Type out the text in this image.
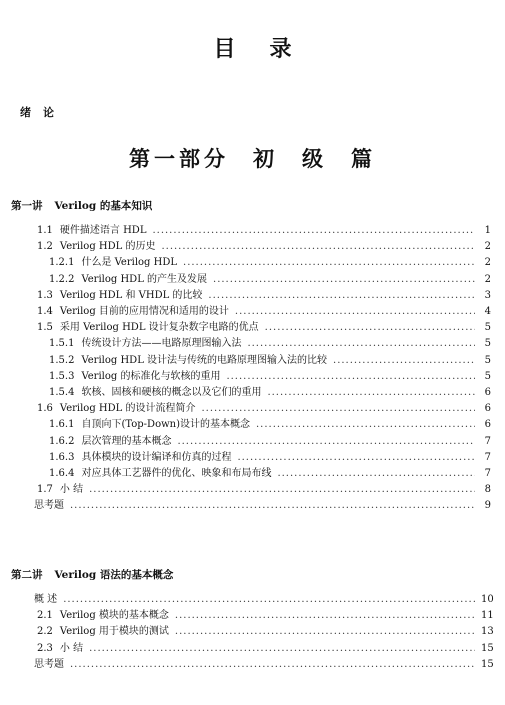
目录
绪论
第一部分 初 级 篇
第一讲 Verilog 的基本知识
1.1 硬件描述语言 HDL .....	1
1.2 Verilog HDL 的历史 .....	2
1.2.1 什么是 Verilog HDL .....	2
1.2.2 Verilog HDL 的产生及发展 .....	2
1.3 Verilog HDL 和 VHDL 的比较 .....	3
1.4 Verilog 目前的应用情况和适用的设计 .....	4
1.5 采用 Verilog HDL 设计复杂数字电路的优点 .....	5
1.5.1 传统设计方法——电路原理图输入法 .....	5
1.5.2 Verilog HDL 设计法与传统的电路原理图输入法的比较 .....	5
1.5.3 Verilog 的标准化与软核的重用 .....	5
1.5.4 软核、固核和硬核的概念以及它们的重用 .....	6
1.6 Verilog HDL 的设计流程简介 .....	6
1.6.1 自顶向下(Top-Down)设计的基本概念 .....	6
1.6.2 层次管理的基本概念 .....	7
1.6.3 具体模块的设计编译和仿真的过程 .....	7
1.6.4 对应具体工艺器件的优化、映象和布局布线 .....	7
1.7 小 结 .....	8
思考题 .....	9
第二讲 Verilog 语法的基本概念
概 述 .....	10
2.1 Verilog 模块的基本概念 .....	11
2.2 Verilog 用于模块的测试 .....	13
2.3 小 结 .....	15
思考题 .....	15
